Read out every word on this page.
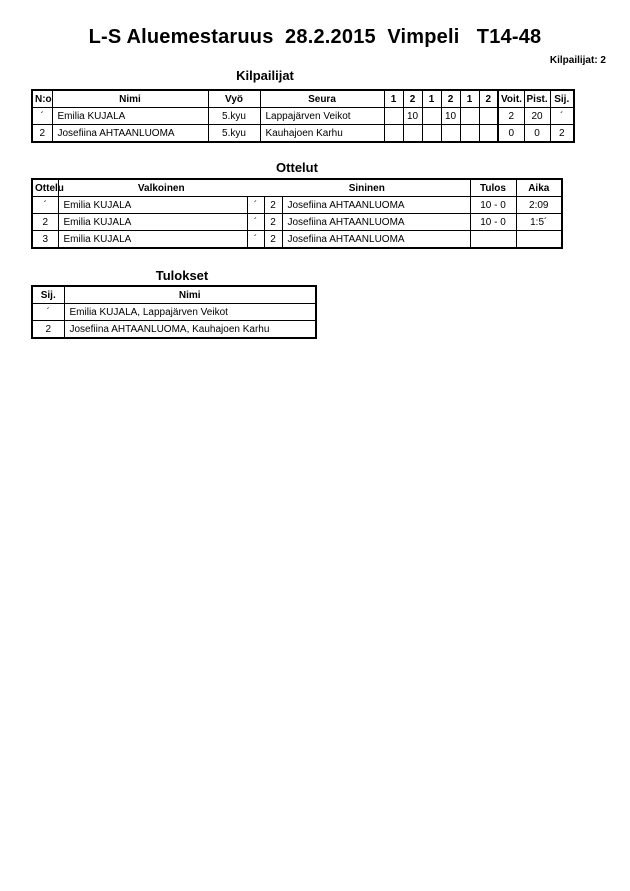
L-S Aluemestaruus  28.2.2015  Vimpeli   T14-48
Kilpailijat: 2
Kilpailijat
N:o	Nimi	Vyö	Seura	1	2	1	2	1	2	Voit.	Pist.	Sij.
´	Emilia KUJALA	5.kyu	Lappajärven Veikot		10		10			2	20	´
2	Josefiina AHTAANLUOMA	5.kyu	Kauhajoen Karhu							0	0	2
Ottelut
Ottelu	Valkoinen		Sininen		Tulos	Aika
´	Emilia KUJALA	´	2	Josefiina AHTAANLUOMA	10 - 0	2:09
2	Emilia KUJALA	´	2	Josefiina AHTAANLUOMA	10 - 0	1:5´
3	Emilia KUJALA	´	2	Josefiina AHTAANLUOMA		
Tulokset
Sij.	Nimi
´	Emilia KUJALA, Lappajärven Veikot
2	Josefiina AHTAANLUOMA, Kauhajoen Karhu
